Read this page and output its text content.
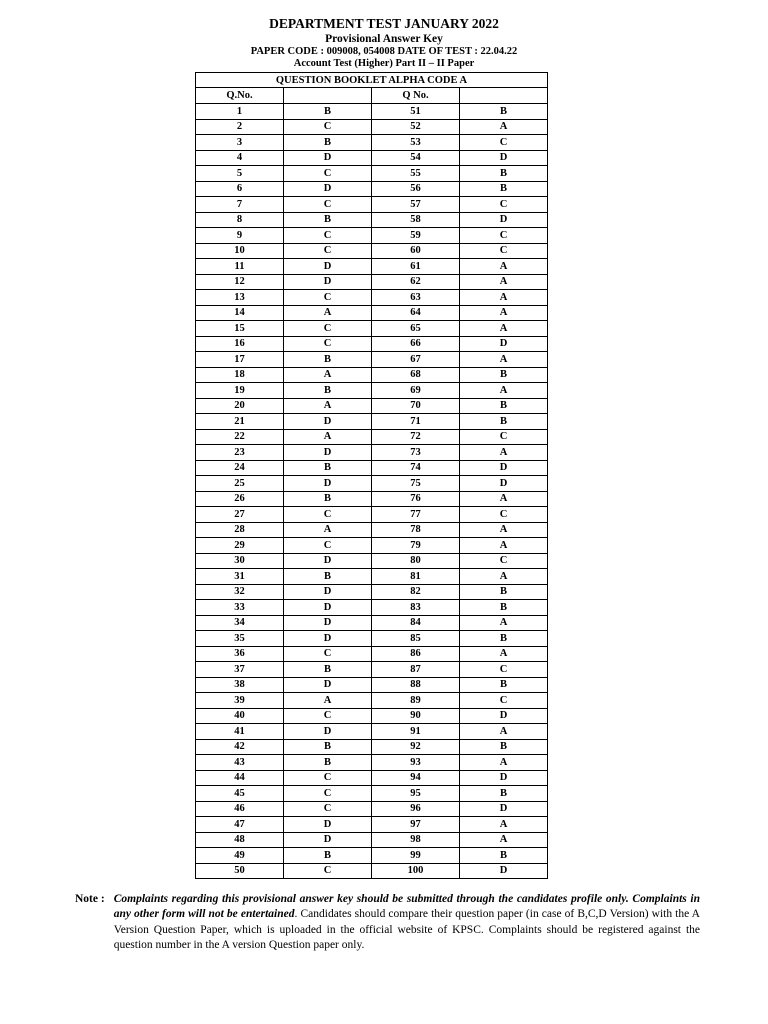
DEPARTMENT TEST JANUARY 2022
Provisional Answer Key
PAPER CODE : 009008, 054008 DATE OF TEST : 22.04.22
Account Test (Higher) Part II – II Paper
QUESTION BOOKLET ALPHA CODE A			
Q.No.		Q No.	
1	B	51	B
2	C	52	A
3	B	53	C
4	D	54	D
5	C	55	B
6	D	56	B
7	C	57	C
8	B	58	D
9	C	59	C
10	C	60	C
11	D	61	A
12	D	62	A
13	C	63	A
14	A	64	A
15	C	65	A
16	C	66	D
17	B	67	A
18	A	68	B
19	B	69	A
20	A	70	B
21	D	71	B
22	A	72	C
23	D	73	A
24	B	74	D
25	D	75	D
26	B	76	A
27	C	77	C
28	A	78	A
29	C	79	A
30	D	80	C
31	B	81	A
32	D	82	B
33	D	83	B
34	D	84	A
35	D	85	B
36	C	86	A
37	B	87	C
38	D	88	B
39	A	89	C
40	C	90	D
41	D	91	A
42	B	92	B
43	B	93	A
44	C	94	D
45	C	95	B
46	C	96	D
47	D	97	A
48	D	98	A
49	B	99	B
50	C	100	D
Note : Complaints regarding this provisional answer key should be submitted through the candidates profile only. Complaints in any other form will not be entertained. Candidates should compare their question paper (in case of B,C,D Version) with the A Version Question Paper, which is uploaded in the official website of KPSC. Complaints should be registered against the question number in the A version Question paper only.
